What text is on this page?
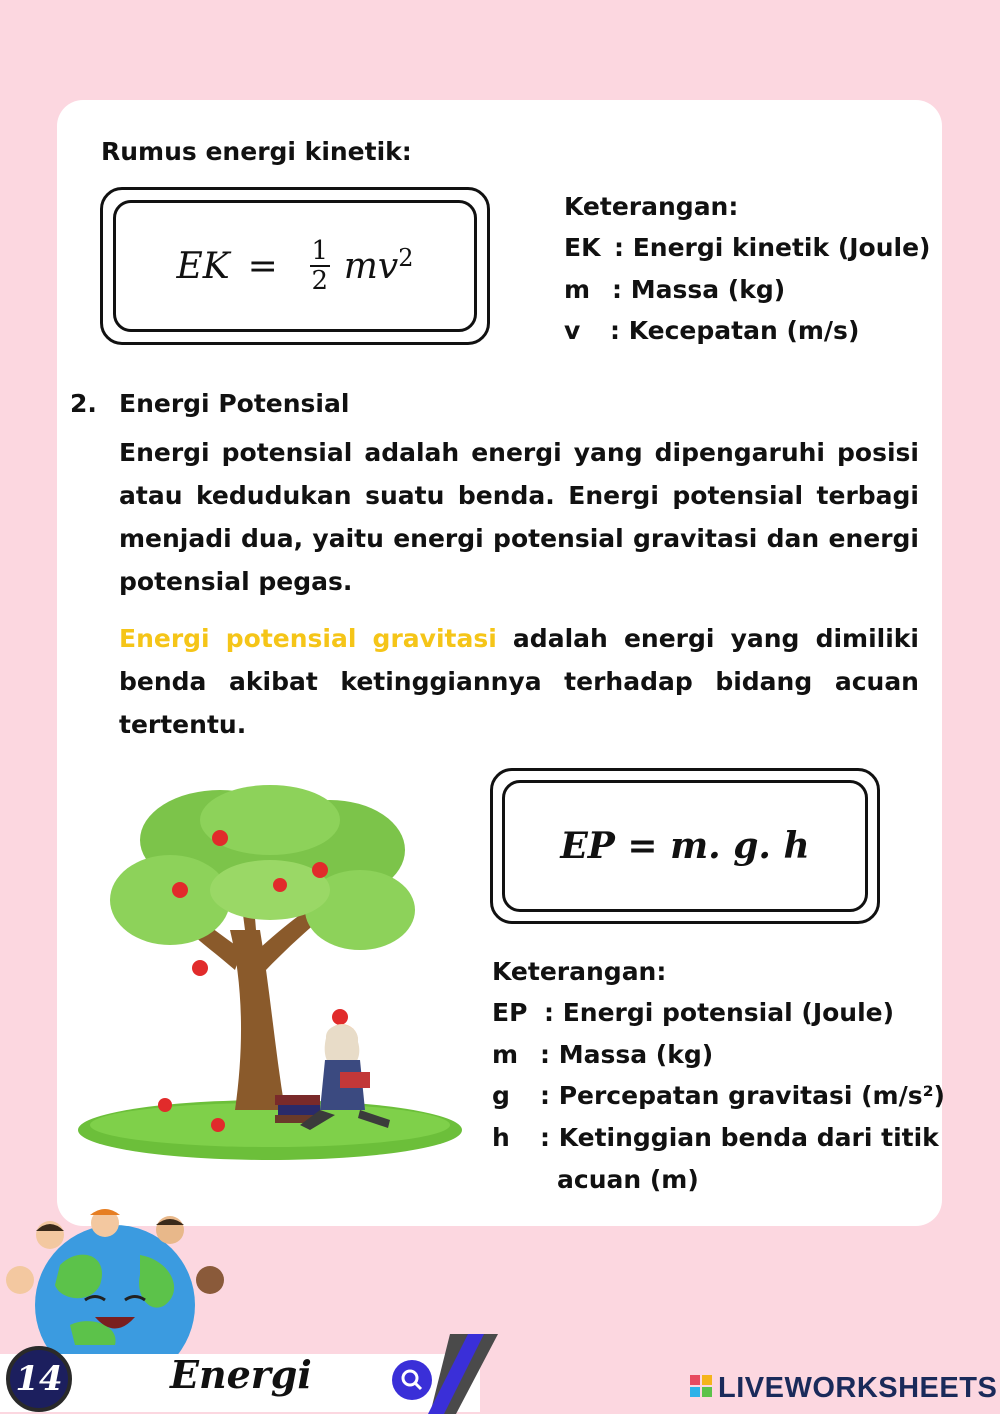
Rumus energi kinetik:
EK = $\frac{1}{2} mv^2$
Keterangan:
EK : Energi kinetik (Joule)
m : Massa (kg)
v : Kecepatan (m/s)
2. Energi Potensial
Energi potensial adalah energi yang dipengaruhi posisi atau kedudukan suatu benda. Energi potensial terbagi menjadi dua, yaitu energi potensial gravitasi dan energi potensial pegas.
Energi potensial gravitasi adalah energi yang dimiliki benda akibat ketinggiannya terhadap bidang acuan tertentu.
EP = m. g. h
Keterangan:
EP : Energi potensial (Joule)
m : Massa (kg)
g : Percepatan gravitasi (m/s²)
h : Ketinggian benda dari titik
acuan (m)
14	Energi	LIVEWORKSHEETS
